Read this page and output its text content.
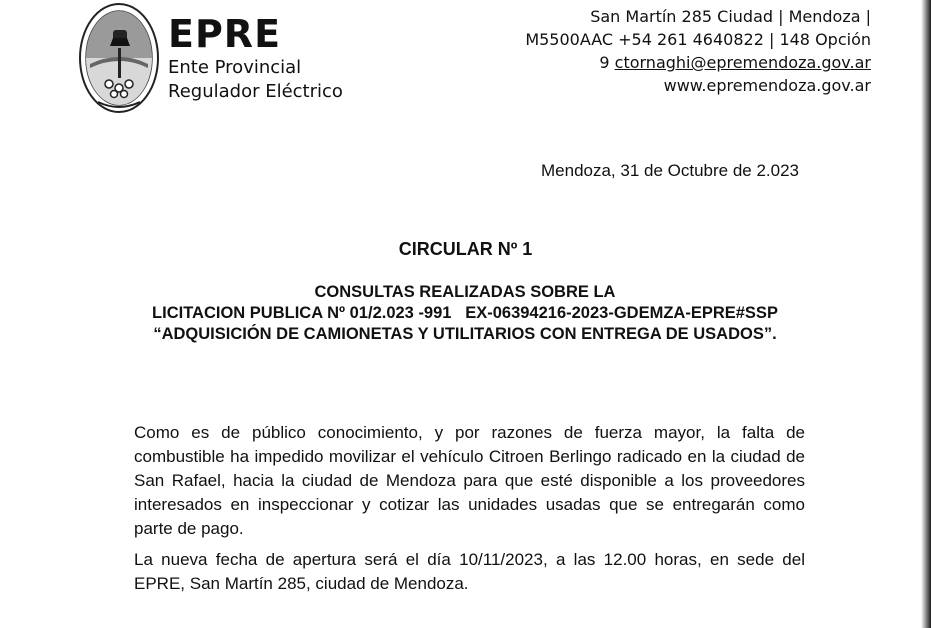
EPRE
Ente Provincial
Regulador Eléctrico
San Martín 285 Ciudad | Mendoza |
M5500AAC +54 261 4640822 | 148 Opción
9 ctornaghi@epremendoza.gov.ar
www.epremendoza.gov.ar
Mendoza, 31 de Octubre de 2.023
CIRCULAR Nº 1
CONSULTAS REALIZADAS SOBRE LA
LICITACION PUBLICA Nº 01/2.023 -991   EX-06394216-2023-GDEMZA-EPRE#SSP
“ADQUISICIÓN DE CAMIONETAS Y UTILITARIOS CON ENTREGA DE USADOS”.
Como es de público conocimiento, y por razones de fuerza mayor, la falta de combustible ha impedido movilizar el vehículo Citroen Berlingo radicado en la ciudad de San Rafael, hacia la ciudad de Mendoza para que esté disponible a los proveedores interesados en inspeccionar y cotizar las unidades usadas que se entregarán como parte de pago.
La nueva fecha de apertura será el día 10/11/2023, a las 12.00 horas, en sede del EPRE, San Martín 285, ciudad de Mendoza.
